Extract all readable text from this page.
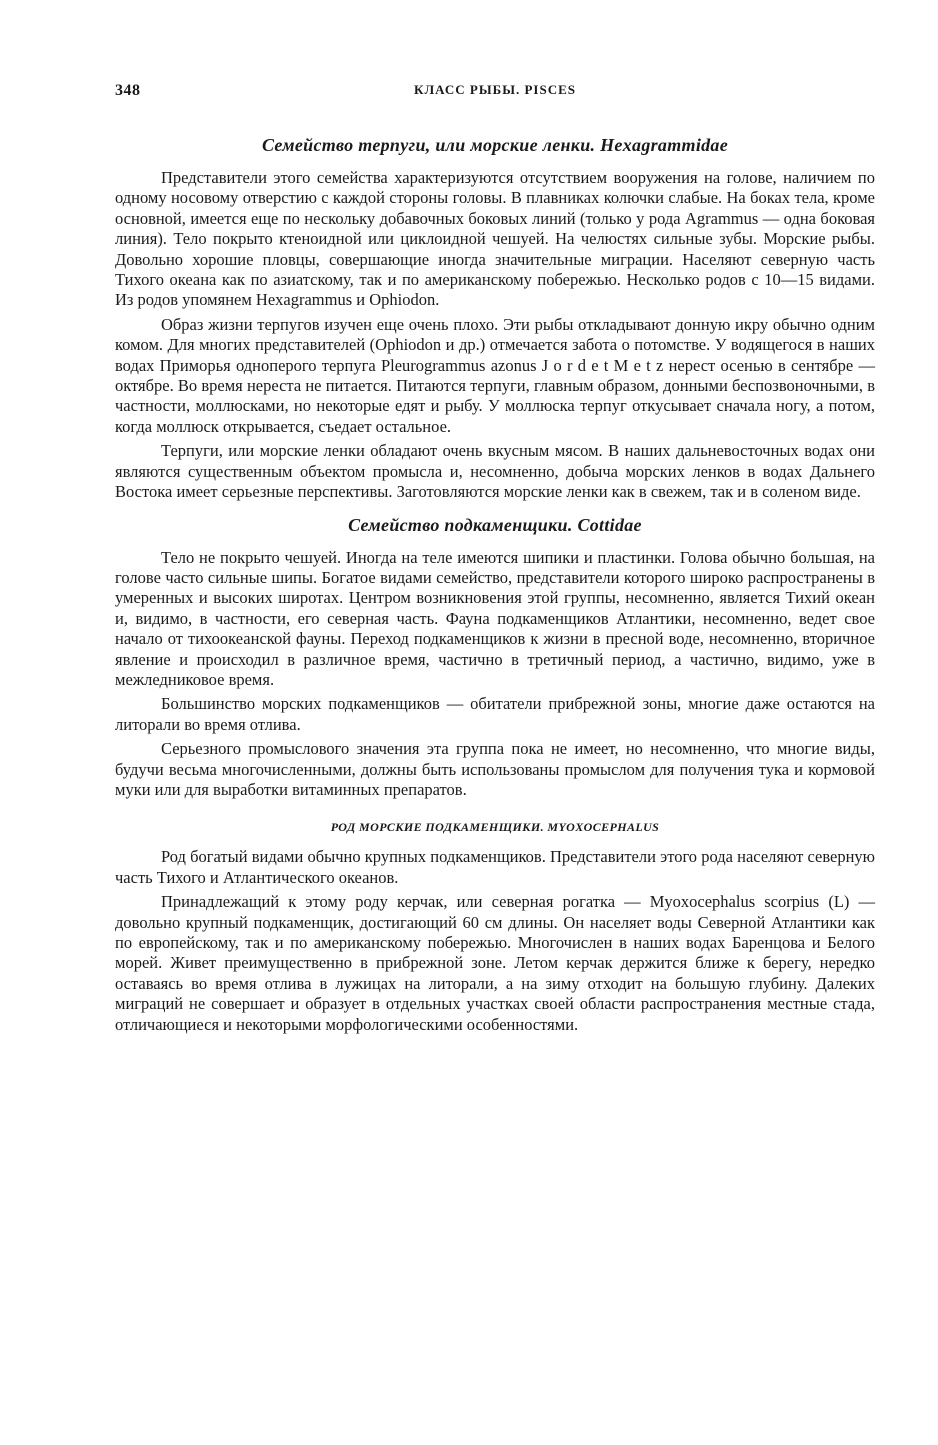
348	КЛАСС РЫБЫ. PISCES
Семейство терпуги, или морские ленки. Hexagrammidae

Представители этого семейства характеризуются отсутствием вооружения на голове, наличием по одному носовому отверстию с каждой стороны головы. В плавниках колючки слабые. На боках тела, кроме основной, имеется еще по нескольку добавочных боковых линий (только у рода Agrammus — одна боковая линия). Тело покрыто ктеноидной или циклоидной чешуей. На челюстях сильные зубы. Морские рыбы. Довольно хорошие пловцы, совершающие иногда значительные миграции. Населяют северную часть Тихого океана как по азиатскому, так и по американскому побережью. Несколько родов с 10—15 видами. Из родов упомянем Hexagrammus и Ophiodon.

Образ жизни терпугов изучен еще очень плохо. Эти рыбы откладывают донную икру обычно одним комом. Для многих представителей (Ophiodon и др.) отмечается забота о потомстве. У водящегося в наших водах Приморья одноперого терпуга Pleurogrammus azonus J o r d e t M e t z нерест осенью в сентябре — октябре. Во время нереста не питается. Питаются терпуги, главным образом, донными беспозвоночными, в частности, моллюсками, но некоторые едят и рыбу. У моллюска терпуг откусывает сначала ногу, а потом, когда моллюск открывается, съедает остальное.

Терпуги, или морские ленки обладают очень вкусным мясом. В наших дальневосточных водах они являются существенным объектом промысла и, несомненно, добыча морских ленков в водах Дальнего Востока имеет серьезные перспективы. Заготовляются морские ленки как в свежем, так и в соленом виде.

Семейство подкаменщики. Cottidae

Тело не покрыто чешуей. Иногда на теле имеются шипики и пластинки. Голова обычно большая, на голове часто сильные шипы. Богатое видами семейство, представители которого широко распространены в умеренных и высоких широтах. Центром возникновения этой группы, несомненно, является Тихий океан и, видимо, в частности, его северная часть. Фауна подкаменщиков Атлантики, несомненно, ведет свое начало от тихоокеанской фауны. Переход подкаменщиков к жизни в пресной воде, несомненно, вторичное явление и происходил в различное время, частично в третичный период, а частично, видимо, уже в межледниковое время.

Большинство морских подкаменщиков — обитатели прибрежной зоны, многие даже остаются на литорали во время отлива.

Серьезного промыслового значения эта группа пока не имеет, но несомненно, что многие виды, будучи весьма многочисленными, должны быть использованы промыслом для получения тука и кормовой муки или для выработки витаминных препаратов.

РОД МОРСКИЕ ПОДКАМЕНЩИКИ. MYOXOCEPHALUS

Род богатый видами обычно крупных подкаменщиков. Представители этого рода населяют северную часть Тихого и Атлантического океанов.

Принадлежащий к этому роду керчак, или северная рогатка — Myoxocephalus scorpius (L) — довольно крупный подкаменщик, достигающий 60 см длины. Он населяет воды Северной Атлантики как по европейскому, так и по американскому побережью. Многочислен в наших водах Баренцова и Белого морей. Живет преимущественно в прибрежной зоне. Летом керчак держится ближе к берегу, нередко оставаясь во время отлива в лужицах на литорали, а на зиму отходит на большую глубину. Далеких миграций не совершает и образует в отдельных участках своей области распространения местные стада, отличающиеся и некоторыми морфологическими особенностями.
